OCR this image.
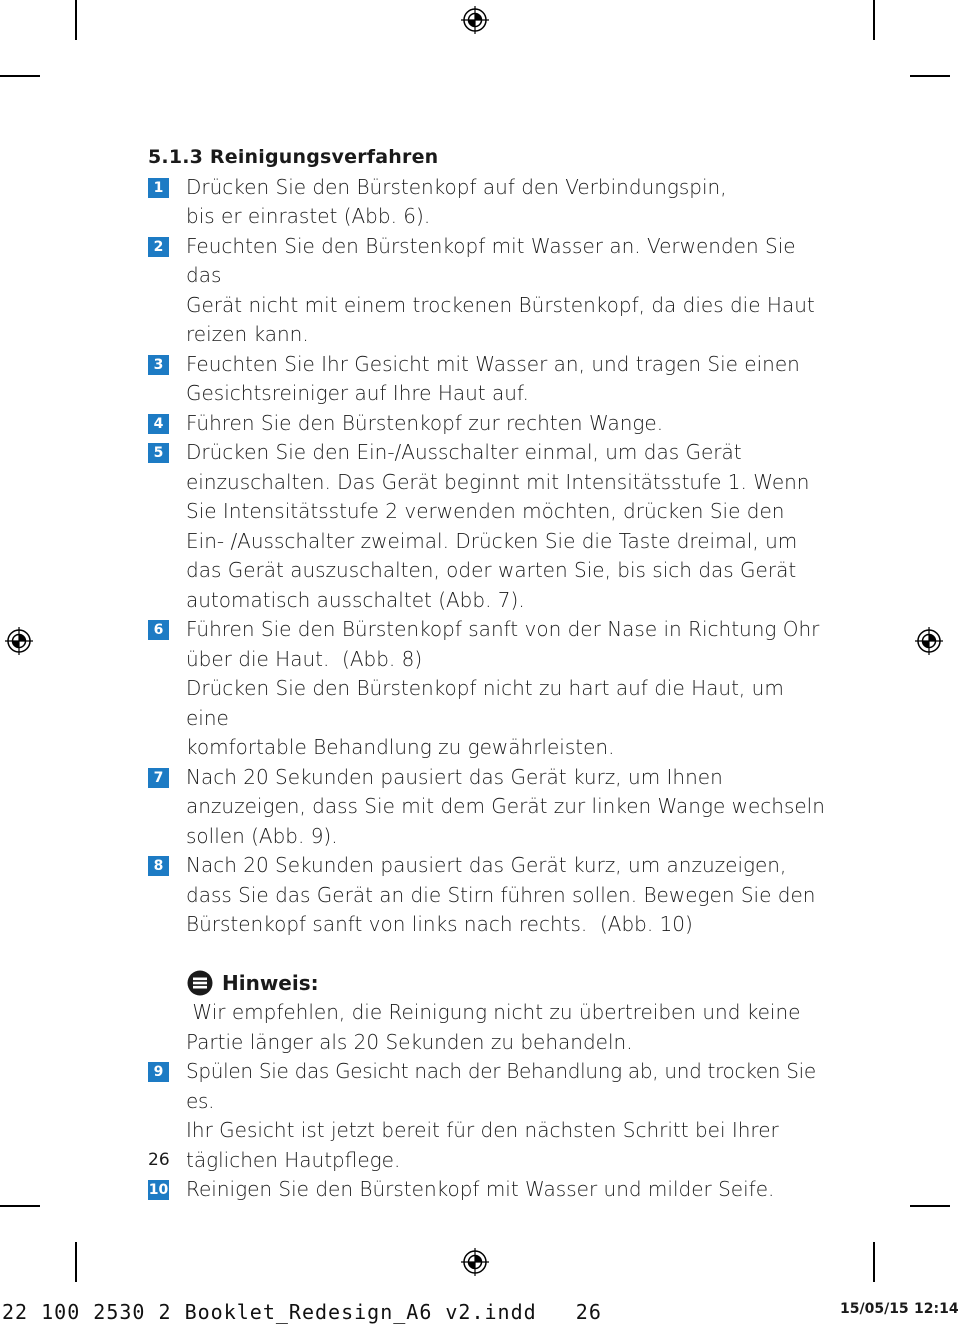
5.1.3 Reinigungsverfahren
1 Drücken Sie den Bürstenkopf auf den Verbindungspin,

bis er einrastet (Abb. 6).

2 Feuchten Sie den Bürstenkopf mit Wasser an. Verwenden Sie das

Gerät nicht mit einem trockenen Bürstenkopf, da dies die Haut

reizen kann.

3 Feuchten Sie Ihr Gesicht mit Wasser an, und tragen Sie einen

Gesichtsreiniger auf Ihre Haut auf.

4 Führen Sie den Bürstenkopf zur rechten Wange.

5 Drücken Sie den Ein-/Ausschalter einmal, um das Gerät

einzuschalten. Das Gerät beginnt mit Intensitätsstufe 1. Wenn

Sie Intensitätsstufe 2 verwenden möchten, drücken Sie den

Ein- /Ausschalter zweimal. Drücken Sie die Taste dreimal, um

das Gerät auszuschalten, oder warten Sie, bis sich das Gerät

automatisch ausschaltet (Abb. 7).

6 Führen Sie den Bürstenkopf sanft von der Nase in Richtung Ohr

über die Haut.  (Abb. 8)

Drücken Sie den Bürstenkopf nicht zu hart auf die Haut, um eine

komfortable Behandlung zu gewährleisten.

7 Nach 20 Sekunden pausiert das Gerät kurz, um Ihnen

anzuzeigen, dass Sie mit dem Gerät zur linken Wange wechseln

sollen (Abb. 9).

8 Nach 20 Sekunden pausiert das Gerät kurz, um anzuzeigen,

dass Sie das Gerät an die Stirn führen sollen. Bewegen Sie den

Bürstenkopf sanft von links nach rechts.  (Abb. 10)

Hinweis:

Wir empfehlen, die Reinigung nicht zu übertreiben und keine

Partie länger als 20 Sekunden zu behandeln.

9 Spülen Sie das Gesicht nach der Behandlung ab, und trocken Sie es.

Ihr Gesicht ist jetzt bereit für den nächsten Schritt bei Ihrer

täglichen Hautpflege.

10 Reinigen Sie den Bürstenkopf mit Wasser und milder Seife.

26
22 100 2530 2 Booklet_Redesign_A6 v2.indd   26	15/05/15 12:14
